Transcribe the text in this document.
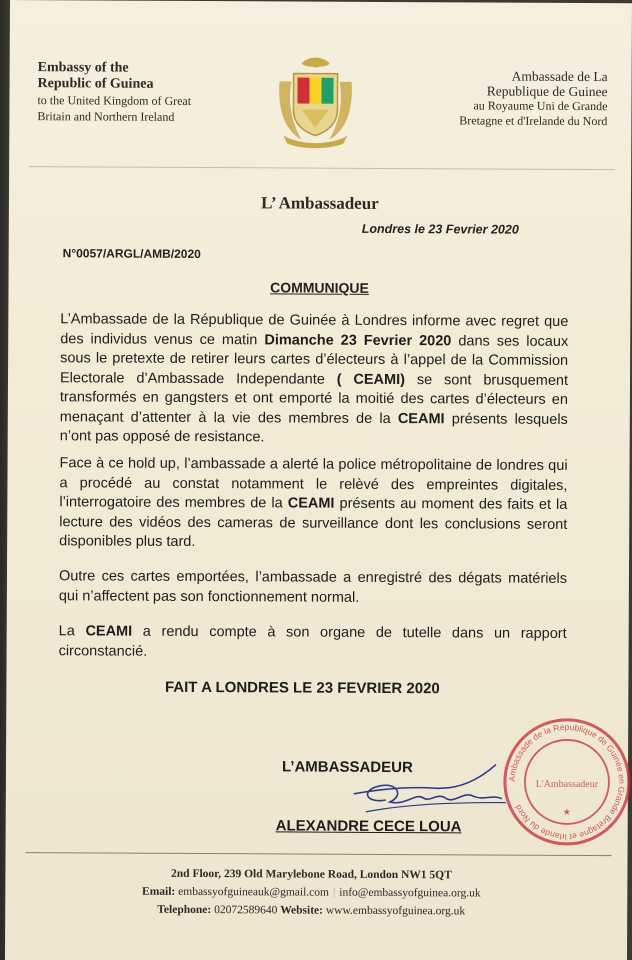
Embassy of the
Republic of Guinea
to the United Kingdom of Great
Britain and Northern Ireland
Ambassade de La
Republique de Guinee
au Royaume Uni de Grande
Bretagne et d'Irelande du Nord
L’ Ambassadeur
Londres le 23 Fevrier 2020
N°0057/ARGL/AMB/2020
COMMUNIQUE

L’Ambassade de la République de Guinée à Londres informe avec regret que des individus venus ce matin Dimanche 23 Fevrier 2020 dans ses locaux sous le pretexte de retirer leurs cartes d’électeurs à l’appel de la Commission Electorale d’Ambassade Independante ( CEAMI) se sont brusquement transformés en gangsters et ont emporté la moitié des cartes d’électeurs en menaçant d’attenter à la vie des membres de la CEAMI présents lesquels n’ont pas opposé de resistance.

Face à ce hold up, l’ambassade a alerté la police métropolitaine de londres qui a procédé au constat notamment le relèvé des empreintes digitales, l’interrogatoire des membres de la CEAMI présents au moment des faits et la lecture des vidéos des cameras de surveillance dont les conclusions seront disponibles plus tard.

Outre ces cartes emportées, l’ambassade a enregistré des dégats matériels qui n’affectent pas son fonctionnement normal.

La CEAMI a rendu compte à son organe de tutelle dans un rapport circonstancié.

FAIT A LONDRES LE 23 FEVRIER 2020
L’AMBASSADEUR
ALEXANDRE CECE LOUA
Ambassade de la République de Guinée en Grande Bretagne et Irlande du Nord
L'Ambassadeur
★
2nd Floor, 239 Old Marylebone Road, London NW1 5QT
Email: embassyofguineauk@gmail.com | info@embassyofguinea.org.uk
Telephone: 02072589640 Website: www.embassyofguinea.org.uk
